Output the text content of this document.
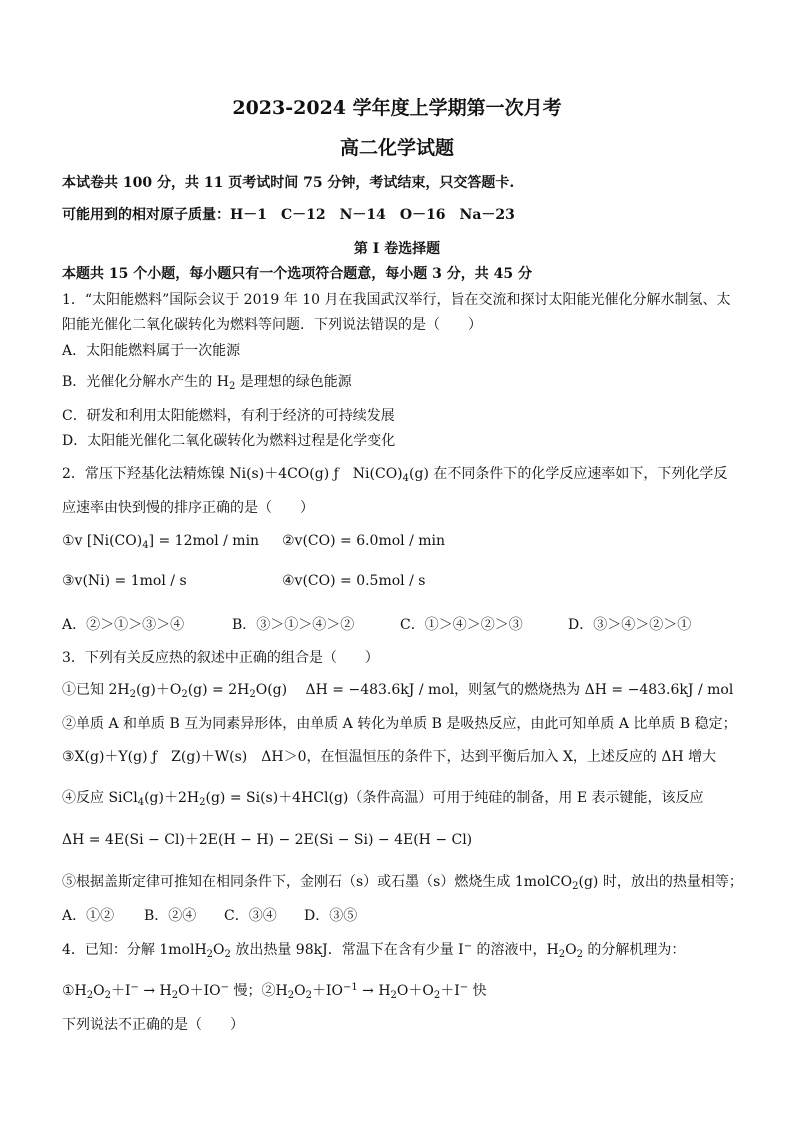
2023-2024 学年度上学期第一次月考
高二化学试题
本试卷共 100 分，共 11 页考试时间 75 分钟，考试结束，只交答题卡.
可能用到的相对原子质量：H－1　C－12　N－14　O－16　Na－23
第 I 卷选择题
本题共 15 个小题，每小题只有一个选项符合题意，每小题 3 分，共 45 分
1．“太阳能燃料”国际会议于 2019 年 10 月在我国武汉举行，旨在交流和探讨太阳能光催化分解水制氢、太
阳能光催化二氧化碳转化为燃料等问题．下列说法错误的是（　　）
A．太阳能燃料属于一次能源
B．光催化分解水产生的 $H_2$ 是理想的绿色能源
C．研发和利用太阳能燃料，有利于经济的可持续发展
D．太阳能光催化二氧化碳转化为燃料过程是化学变化
2．常压下羟基化法精炼镍 Ni(s)＋4CO(g) ƒ　$Ni(CO)_4(g)$ 在不同条件下的化学反应速率如下，下列化学反
应速率由快到慢的排序正确的是（　　）
①v $[Ni(CO)_4] = 12mol / \min$ ②v(CO) = 6.0mol / min
③v(Ni) = 1mol / s	④v(CO) = 0.5mol / s
A．②＞①＞③＞④	B．③＞①＞④＞②	C．①＞④＞②＞③	D．③＞④＞②＞①
3．下列有关反应热的叙述中正确的组合是（　　）
①已知 $2H_2(g)+O_2(g) = 2H_2O(g)$　 ΔH = −483.6kJ / mol，则氢气的燃烧热为 ΔH = −483.6kJ / mol
②单质 A 和单质 B 互为同素异形体，由单质 A 转化为单质 B 是吸热反应，由此可知单质 A 比单质 B 稳定；
③X(g)＋Y(g) ƒ　Z(g)＋W(s)　ΔH＞0，在恒温恒压的条件下，达到平衡后加入 X，上述反应的 ΔH 增大
④反应 $SiCl_4(g)+2H_2(g) = Si(s)+4HCl(g)$（条件高温）可用于纯硅的制备，用 E 表示键能，该反应
ΔH = 4E(Si − Cl)＋2E(H − H) − 2E(Si − Si) − 4E(H − Cl)
⑤根据盖斯定律可推知在相同条件下，金刚石（s）或石墨（s）燃烧生成 1molCO$_2$(g) 时，放出的热量相等；
A．①② B．②④ C．③④ D．③⑤
4．已知：分解 $1molH_2O_2$ 放出热量 98kJ．常温下在含有少量 I− 的溶液中，$H_2O_2$ 的分解机理为：
$①H_2O_2+I^- \to H_2O+IO^-$ 慢；$②H_2O_2+IO^{-1} \to H_2O+O_2+I^-$ 快
下列说法不正确的是（　　）
